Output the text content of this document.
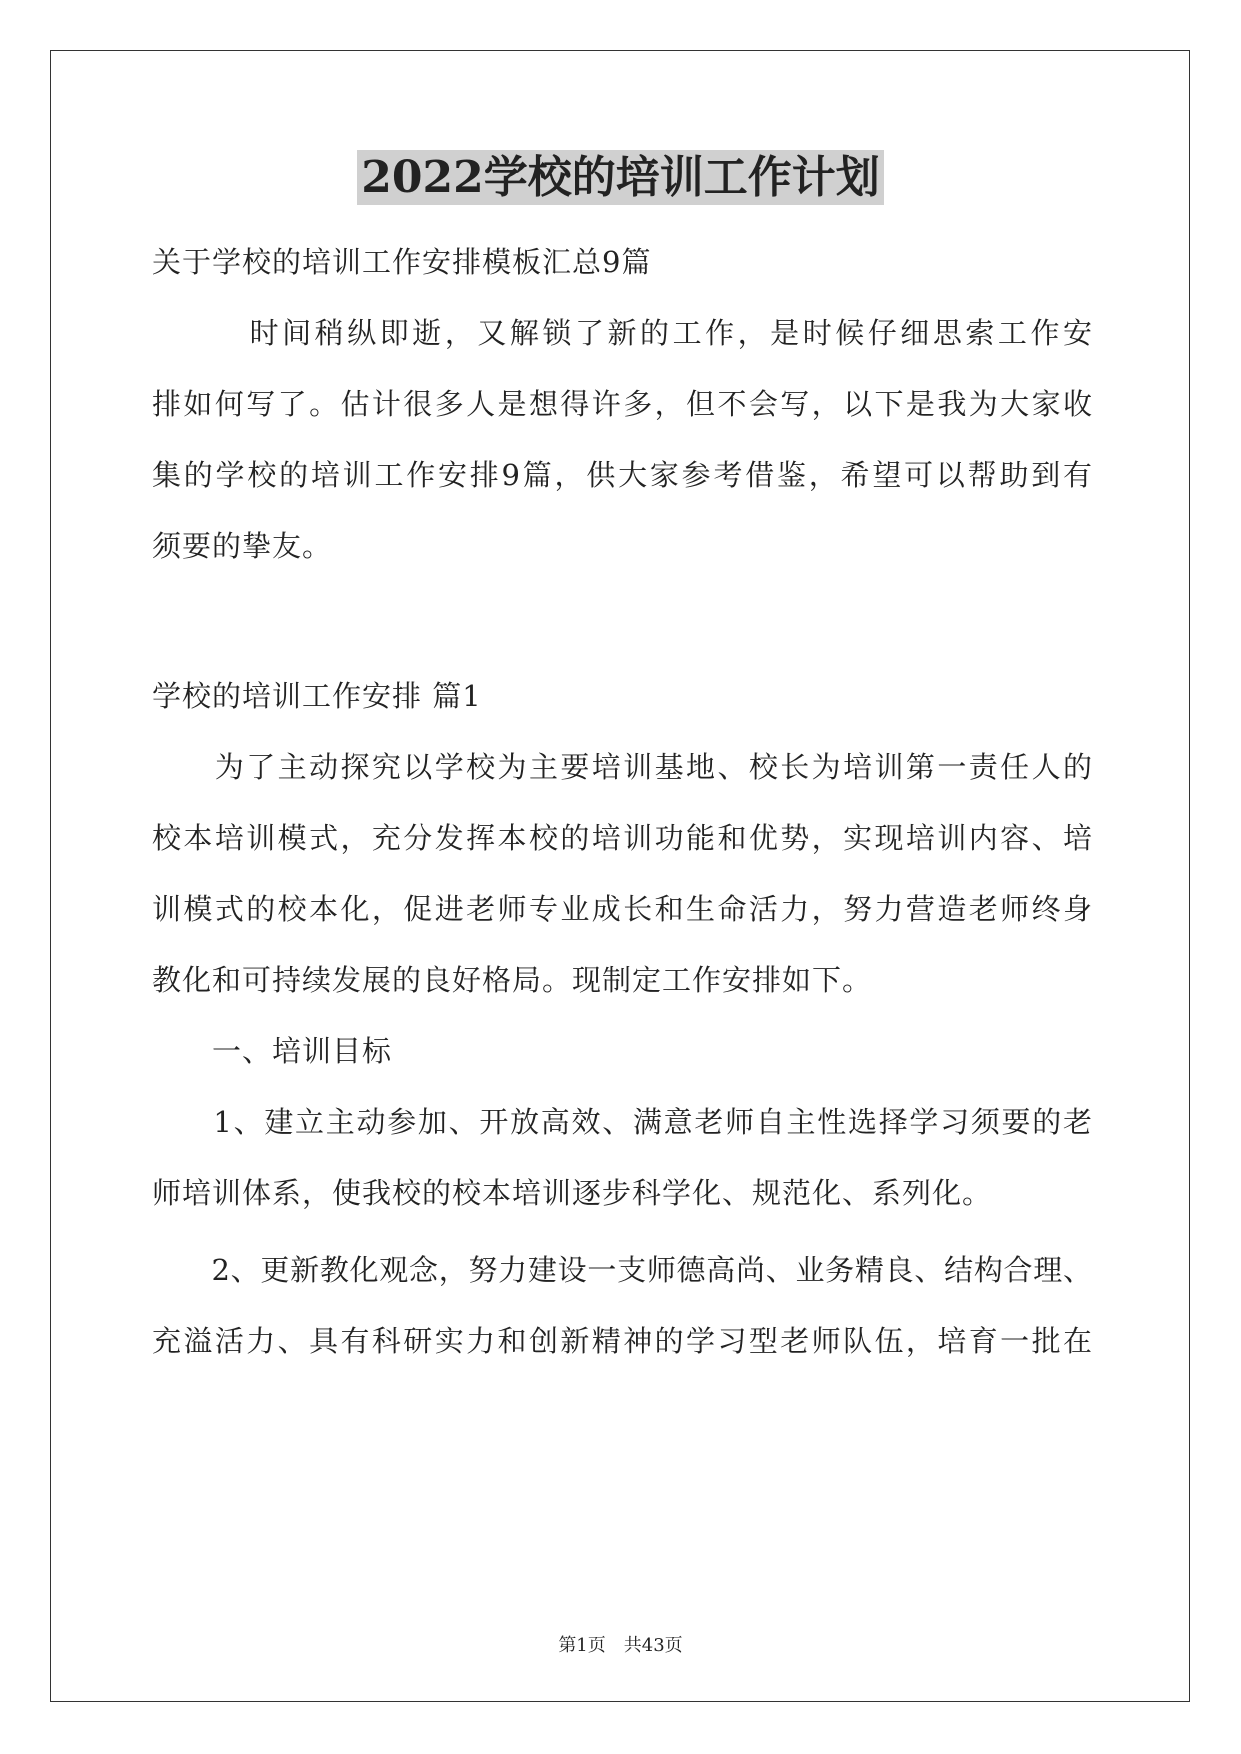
2022学校的培训工作计划
关于学校的培训工作安排模板汇总9篇
　　　时间稍纵即逝，又解锁了新的工作，是时候仔细思索工作安
排如何写了。估计很多人是想得许多，但不会写，以下是我为大家收
集的学校的培训工作安排9篇，供大家参考借鉴，希望可以帮助到有
须要的挚友。
学校的培训工作安排 篇1
　　为了主动探究以学校为主要培训基地、校长为培训第一责任人的
校本培训模式，充分发挥本校的培训功能和优势，实现培训内容、培
训模式的校本化，促进老师专业成长和生命活力，努力营造老师终身
教化和可持续发展的良好格局。现制定工作安排如下。
　　一、培训目标
　　1、建立主动参加、开放高效、满意老师自主性选择学习须要的老
师培训体系，使我校的校本培训逐步科学化、规范化、系列化。
　　2、更新教化观念，努力建设一支师德高尚、业务精良、结构合理、
充溢活力、具有科研实力和创新精神的学习型老师队伍，培育一批在
第1页　共43页
